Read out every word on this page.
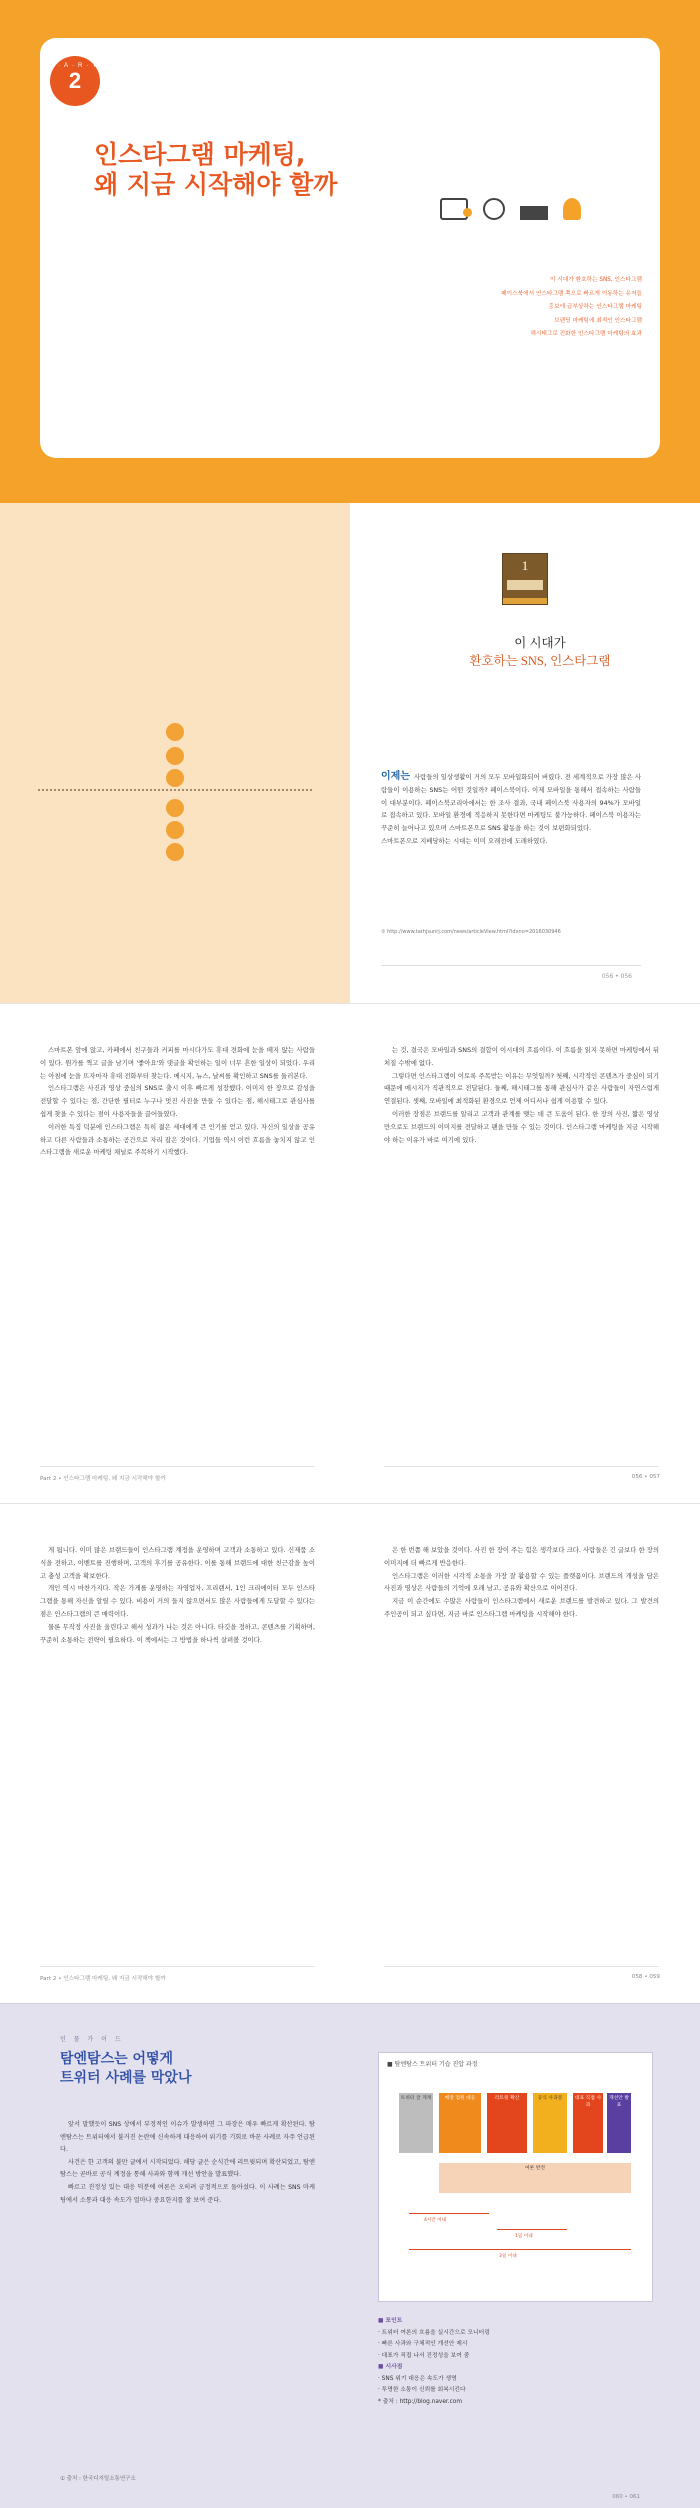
P·A·R·T
2
인스타그램 마케팅,
왜 지금 시작해야 할까

이 시대가 환호하는 SNS, 인스타그램
페이스북에서 인스타그램 쪽으로 빠르게 이동하는 유저들
홍보에 급부상하는 인스타그램 마케팅
브랜딩 마케팅에 최적인 인스타그램
해시태그로 진화한 인스타그램 마케팅의 효과
1
이 시대가
환호하는 SNS, 인스타그램
이제는 사람들의 일상생활이 거의 모두 모바일화되어 버렸다. 전 세계적으로 가장 많은 사람들이 이용하는 SNS는 어떤 것일까? 페이스북이다. 이제 모바일을 통해서 접속하는 사람들이 대부분이다. 페이스북코리아에서는 한 조사 결과, 국내 페이스북 사용자의 94%가 모바일로 접속하고 있다. 모바일 환경에 적응하지 못한다면 마케팅도 불가능하다. 페이스북 이용자는 꾸준히 늘어나고 있으며 스마트폰으로 SNS 활동을 하는 것이 보편화되었다.
스마트폰으로 지배당하는 시대는 이미 오래전에 도래하였다.
① http://www.tarhjsunrj.com/news/articleView.html?idxno=2016030946
056 • 056

스마트폰 앞에 앉고, 카페에서 친구들과 커피를 마시다가도 휴대 전화에 눈을 떼지 않는 사람들이 있다. 뭔가를 찍고 글을 남기며 '좋아요'와 댓글을 확인하는 일이 너무 흔한 일상이 되었다. 우리는 아침에 눈을 뜨자마자 휴대 전화부터 찾는다. 메시지, 뉴스, 날씨를 확인하고 SNS를 둘러본다.

인스타그램은 사진과 영상 중심의 SNS로 출시 이후 빠르게 성장했다. 이미지 한 장으로 감성을 전달할 수 있다는 점, 간단한 필터로 누구나 멋진 사진을 만들 수 있다는 점, 해시태그로 관심사를 쉽게 찾을 수 있다는 점이 사용자들을 끌어들였다.

이러한 특징 덕분에 인스타그램은 특히 젊은 세대에게 큰 인기를 얻고 있다. 자신의 일상을 공유하고 다른 사람들과 소통하는 공간으로 자리 잡은 것이다. 기업들 역시 이런 흐름을 놓치지 않고 인스타그램을 새로운 마케팅 채널로 주목하기 시작했다.

는 것, 결국은 모바일과 SNS의 결합이 이시대의 흐름이다. 이 흐름을 읽지 못하면 마케팅에서 뒤처질 수밖에 없다.

그렇다면 인스타그램이 이토록 주목받는 이유는 무엇일까? 첫째, 시각적인 콘텐츠가 중심이 되기 때문에 메시지가 직관적으로 전달된다. 둘째, 해시태그를 통해 관심사가 같은 사람들이 자연스럽게 연결된다. 셋째, 모바일에 최적화된 환경으로 언제 어디서나 쉽게 이용할 수 있다.

이러한 장점은 브랜드를 알리고 고객과 관계를 맺는 데 큰 도움이 된다. 한 장의 사진, 짧은 영상만으로도 브랜드의 이미지를 전달하고 팬을 만들 수 있는 것이다. 인스타그램 마케팅을 지금 시작해야 하는 이유가 바로 여기에 있다.

Part 2 • 인스타그램 마케팅, 왜 지금 시작해야 할까	056 • 057

게 됩니다. 이미 많은 브랜드들이 인스타그램 계정을 운영하며 고객과 소통하고 있다. 신제품 소식을 전하고, 이벤트를 진행하며, 고객의 후기를 공유한다. 이를 통해 브랜드에 대한 친근감을 높이고 충성 고객을 확보한다.

개인 역시 마찬가지다. 작은 가게를 운영하는 자영업자, 프리랜서, 1인 크리에이터 모두 인스타그램을 통해 자신을 알릴 수 있다. 비용이 거의 들지 않으면서도 많은 사람들에게 도달할 수 있다는 점은 인스타그램의 큰 매력이다.

물론 무작정 사진을 올린다고 해서 성과가 나는 것은 아니다. 타깃을 정하고, 콘텐츠를 기획하며, 꾸준히 소통하는 전략이 필요하다. 이 책에서는 그 방법을 하나씩 살펴볼 것이다.

은 한 번쯤 해 보았을 것이다. 사진 한 장이 주는 힘은 생각보다 크다. 사람들은 긴 글보다 한 장의 이미지에 더 빠르게 반응한다.

인스타그램은 이러한 시각적 소통을 가장 잘 활용할 수 있는 플랫폼이다. 브랜드의 개성을 담은 사진과 영상은 사람들의 기억에 오래 남고, 공유와 확산으로 이어진다.

지금 이 순간에도 수많은 사람들이 인스타그램에서 새로운 브랜드를 발견하고 있다. 그 발견의 주인공이 되고 싶다면, 지금 바로 인스타그램 마케팅을 시작해야 한다.

Part 2 • 인스타그램 마케팅, 왜 지금 시작해야 할까	058 • 059
인 물 가 이 드
탐엔탐스는 어떻게
트위터 사례를 막았나

앞서 말했듯이 SNS 상에서 부정적인 이슈가 발생하면 그 파장은 매우 빠르게 확산된다. 탐엔탐스는 트위터에서 불거진 논란에 신속하게 대응하여 위기를 기회로 바꾼 사례로 자주 언급된다.

사건은 한 고객의 불만 글에서 시작되었다. 해당 글은 순식간에 리트윗되며 확산되었고, 탐엔탐스는 곧바로 공식 계정을 통해 사과와 함께 개선 방안을 발표했다.

빠르고 진정성 있는 대응 덕분에 여론은 오히려 긍정적으로 돌아섰다. 이 사례는 SNS 마케팅에서 소통과 대응 속도가 얼마나 중요한지를 잘 보여 준다.

① 출처 : 한국디지털소통연구소
■ 탐엔탐스 트위터 기습 진압 과정
트위터 글 게재	매장 점원 대응	리트윗 확산	공식 사과문	대표 직접 사과
개선안 발표
여론 반전
4시간 이내
1일 이내
3일 이내
■ 포인트
· 트위터 여론의 흐름을 실시간으로 모니터링
· 빠른 사과와 구체적인 개선안 제시
· 대표가 직접 나서 진정성을 보여 줌
■ 시사점
· SNS 위기 대응은 속도가 생명
· 투명한 소통이 신뢰를 회복시킨다
* 출처 : http://blog.naver.com
060 • 061
